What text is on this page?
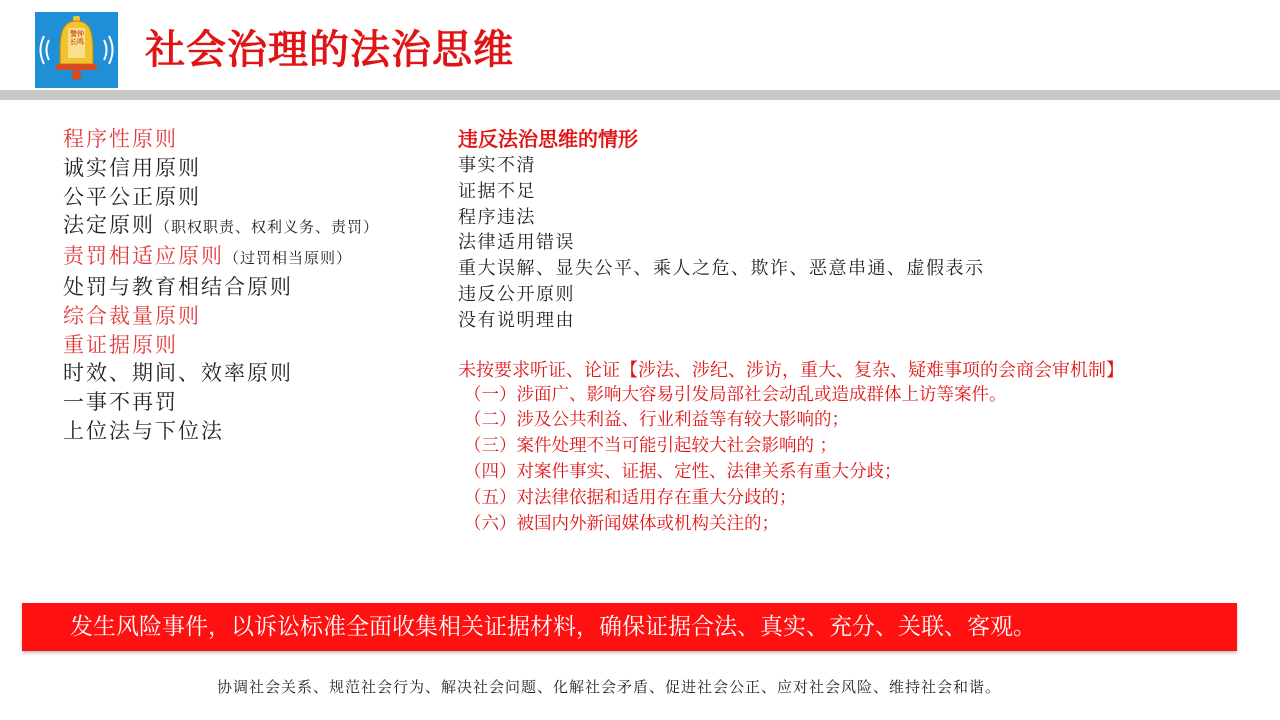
警钟长鸣 社会治理的法治思维
程序性原则
诚实信用原则
公平公正原则
法定原则（职权职责、权利义务、责罚）
责罚相适应原则（过罚相当原则）
处罚与教育相结合原则
综合裁量原则
重证据原则
时效、期间、效率原则
一事不再罚
上位法与下位法
违反法治思维的情形
事实不清
证据不足
程序违法
法律适用错误
重大误解、显失公平、乘人之危、欺诈、恶意串通、虚假表示
违反公开原则
没有说明理由
未按要求听证、论证【涉法、涉纪、涉访，重大、复杂、疑难事项的会商会审机制】
（一）涉面广、影响大容易引发局部社会动乱或造成群体上访等案件。
（二）涉及公共利益、行业利益等有较大影响的；
（三）案件处理不当可能引起较大社会影响的 ；
（四）对案件事实、证据、定性、法律关系有重大分歧；
（五）对法律依据和适用存在重大分歧的；
（六）被国内外新闻媒体或机构关注的；
发生风险事件，以诉讼标准全面收集相关证据材料，确保证据合法、真实、充分、关联、客观。
协调社会关系、规范社会行为、解决社会问题、化解社会矛盾、促进社会公正、应对社会风险、维持社会和谐。
